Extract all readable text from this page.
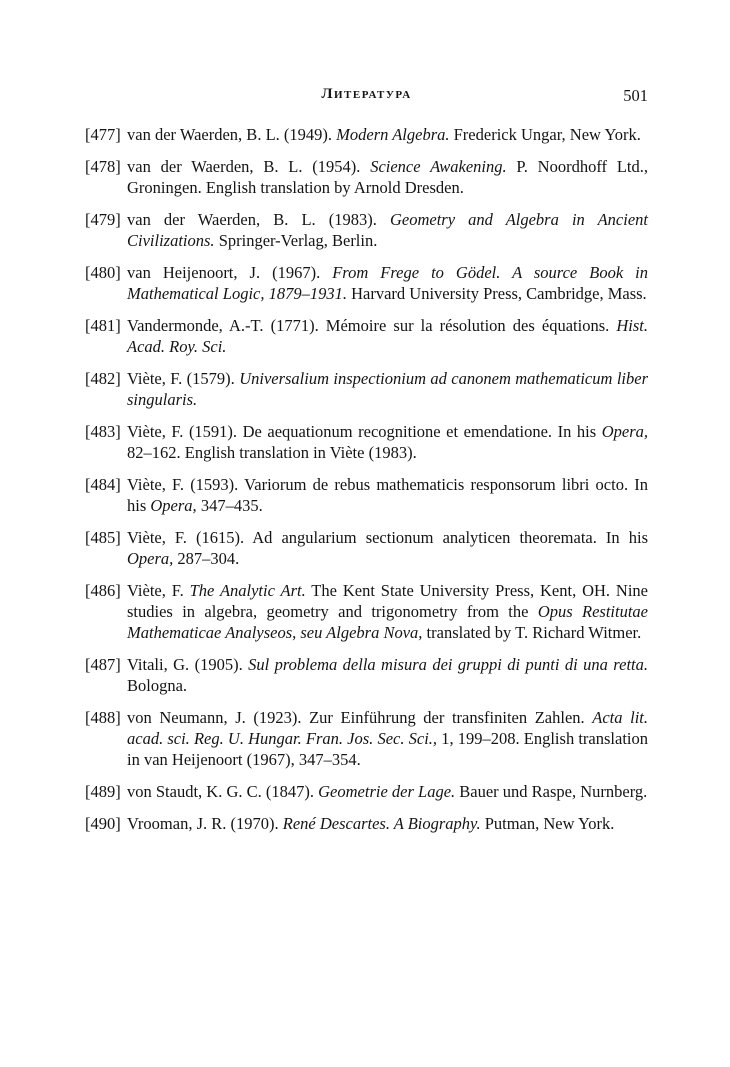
Литература	501

[477] van der Waerden, B. L. (1949). Modern Algebra. Frederick Ungar, New York.

[478] van der Waerden, B. L. (1954). Science Awakening. P. Noordhoff Ltd., Groningen. English translation by Arnold Dresden.

[479] van der Waerden, B. L. (1983). Geometry and Algebra in Ancient Civilizations. Springer-Verlag, Berlin.

[480] van Heijenoort, J. (1967). From Frege to Gödel. A source Book in Mathematical Logic, 1879–1931. Harvard University Press, Cambridge, Mass.

[481] Vandermonde, A.-T. (1771). Mémoire sur la résolution des équations. Hist. Acad. Roy. Sci.

[482] Viète, F. (1579). Universalium inspectionium ad canonem mathematicum liber singularis.

[483] Viète, F. (1591). De aequationum recognitione et emendatione. In his Opera, 82–162. English translation in Viète (1983).

[484] Viète, F. (1593). Variorum de rebus mathematicis responsorum libri octo. In his Opera, 347–435.

[485] Viète, F. (1615). Ad angularium sectionum analyticen theoremata. In his Opera, 287–304.

[486] Viète, F. The Analytic Art. The Kent State University Press, Kent, OH. Nine studies in algebra, geometry and trigonometry from the Opus Restitutae Mathematicae Analyseos, seu Algebra Nova, translated by T. Richard Witmer.

[487] Vitali, G. (1905). Sul problema della misura dei gruppi di punti di una retta. Bologna.

[488] von Neumann, J. (1923). Zur Einführung der transfiniten Zahlen. Acta lit. acad. sci. Reg. U. Hungar. Fran. Jos. Sec. Sci., 1, 199–208. English translation in van Heijenoort (1967), 347–354.

[489] von Staudt, K. G. C. (1847). Geometrie der Lage. Bauer und Raspe, Nurnberg.

[490] Vrooman, J. R. (1970). René Descartes. A Biography. Putman, New York.
